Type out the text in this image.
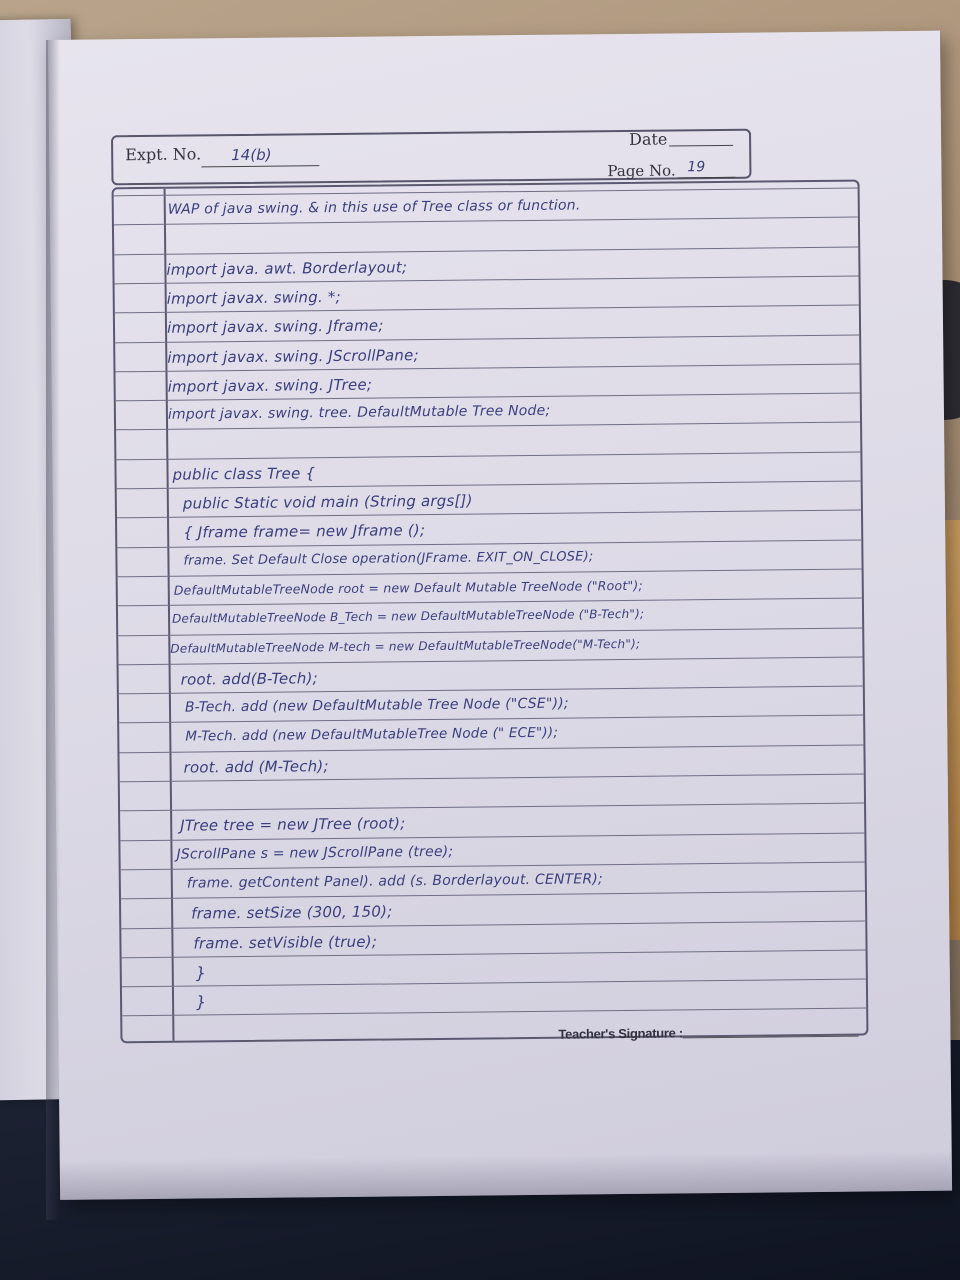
Expt. No. 14(b)
Date
Page No. 19
WAP of java swing. & in this use of Tree class or function.
import java. awt. Borderlayout;
import javax. swing. *;
import javax. swing. Jframe;
import javax. swing. JScrollPane;
import javax. swing. JTree;
import javax. swing. tree. DefaultMutable Tree Node;
public class Tree {
public Static void main (String args[])
{ Jframe frame= new Jframe ();
frame. Set Default Close operation(JFrame. EXIT_ON_CLOSE);
DefaultMutableTreeNode root = new Default Mutable TreeNode ("Root");
DefaultMutableTreeNode B_Tech = new DefaultMutableTreeNode ("B-Tech");
DefaultMutableTreeNode M-tech = new DefaultMutableTreeNode("M-Tech");
root. add(B-Tech);
B-Tech. add (new DefaultMutable Tree Node ("CSE"));
M-Tech. add (new DefaultMutableTree Node (" ECE"));
root. add (M-Tech);
JTree tree = new JTree (root);
JScrollPane s = new JScrollPane (tree);
frame. getContent Panel). add (s. Borderlayout. CENTER);
frame. setSize (300, 150);
frame. setVisible (true);
}
}
Teacher's Signature :
